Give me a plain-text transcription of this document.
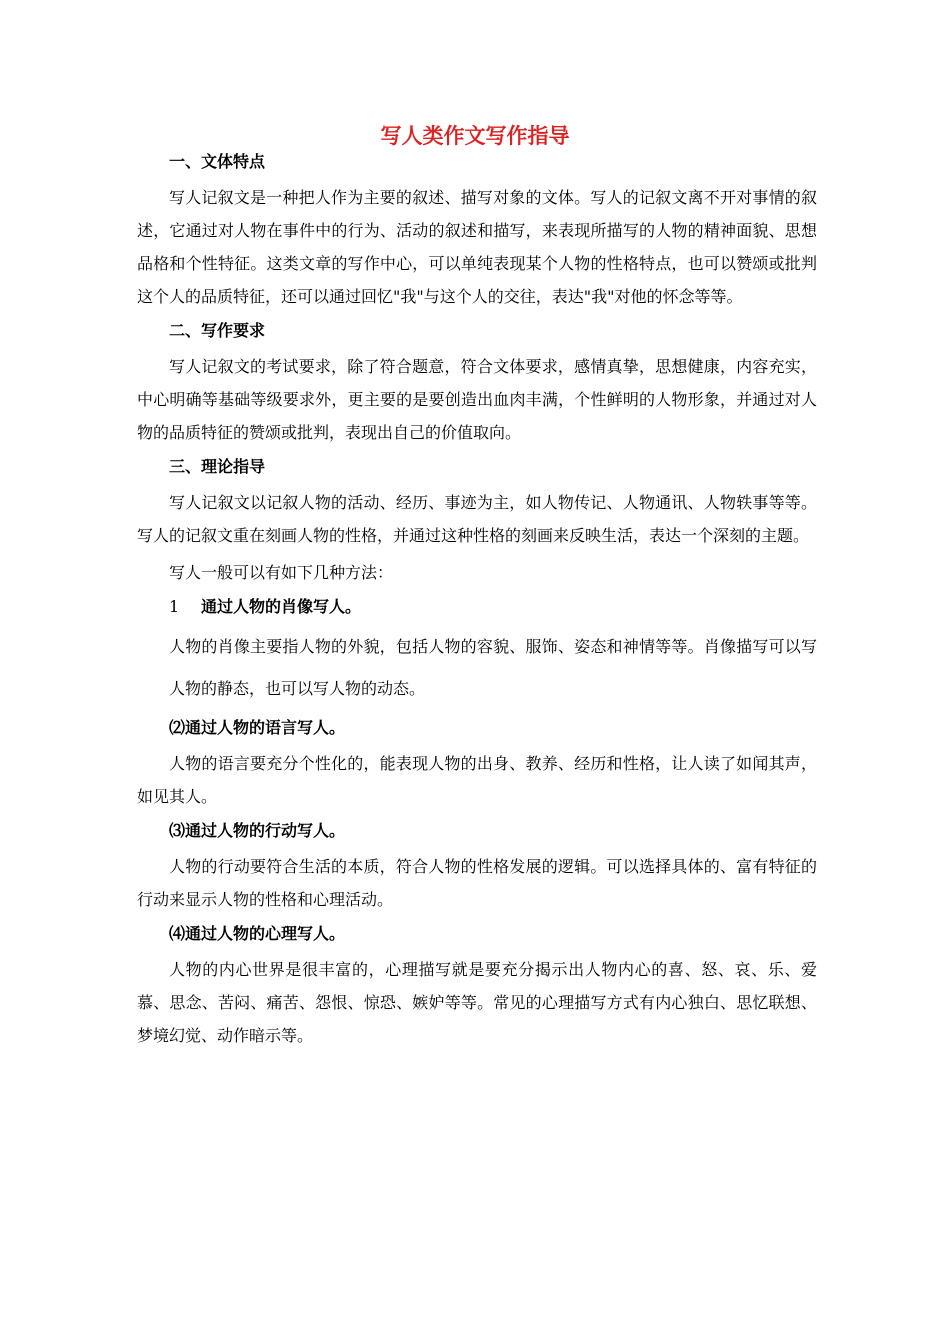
写人类作文写作指导
一、文体特点

写人记叙文是一种把人作为主要的叙述、描写对象的文体。写人的记叙文离不开对事情的叙述，它通过对人物在事件中的行为、活动的叙述和描写，来表现所描写的人物的精神面貌、思想品格和个性特征。这类文章的写作中心，可以单纯表现某个人物的性格特点，也可以赞颂或批判这个人的品质特征，还可以通过回忆"我"与这个人的交往，表达"我"对他的怀念等等。

二、写作要求

写人记叙文的考试要求，除了符合题意，符合文体要求，感情真挚，思想健康，内容充实，中心明确等基础等级要求外，更主要的是要创造出血肉丰满，个性鲜明的人物形象，并通过对人物的品质特征的赞颂或批判，表现出自己的价值取向。

三、理论指导

写人记叙文以记叙人物的活动、经历、事迹为主，如人物传记、人物通讯、人物轶事等等。写人的记叙文重在刻画人物的性格，并通过这种性格的刻画来反映生活，表达一个深刻的主题。

写人一般可以有如下几种方法：

1 通过人物的肖像写人。

人物的肖像主要指人物的外貌，包括人物的容貌、服饰、姿态和神情等等。肖像描写可以写人物的静态，也可以写人物的动态。

⑵通过人物的语言写人。

人物的语言要充分个性化的，能表现人物的出身、教养、经历和性格，让人读了如闻其声，如见其人。

⑶通过人物的行动写人。

人物的行动要符合生活的本质，符合人物的性格发展的逻辑。可以选择具体的、富有特征的行动来显示人物的性格和心理活动。

⑷通过人物的心理写人。

人物的内心世界是很丰富的，心理描写就是要充分揭示出人物内心的喜、怒、哀、乐、爱慕、思念、苦闷、痛苦、怨恨、惊恐、嫉妒等等。常见的心理描写方式有内心独白、思忆联想、梦境幻觉、动作暗示等。
